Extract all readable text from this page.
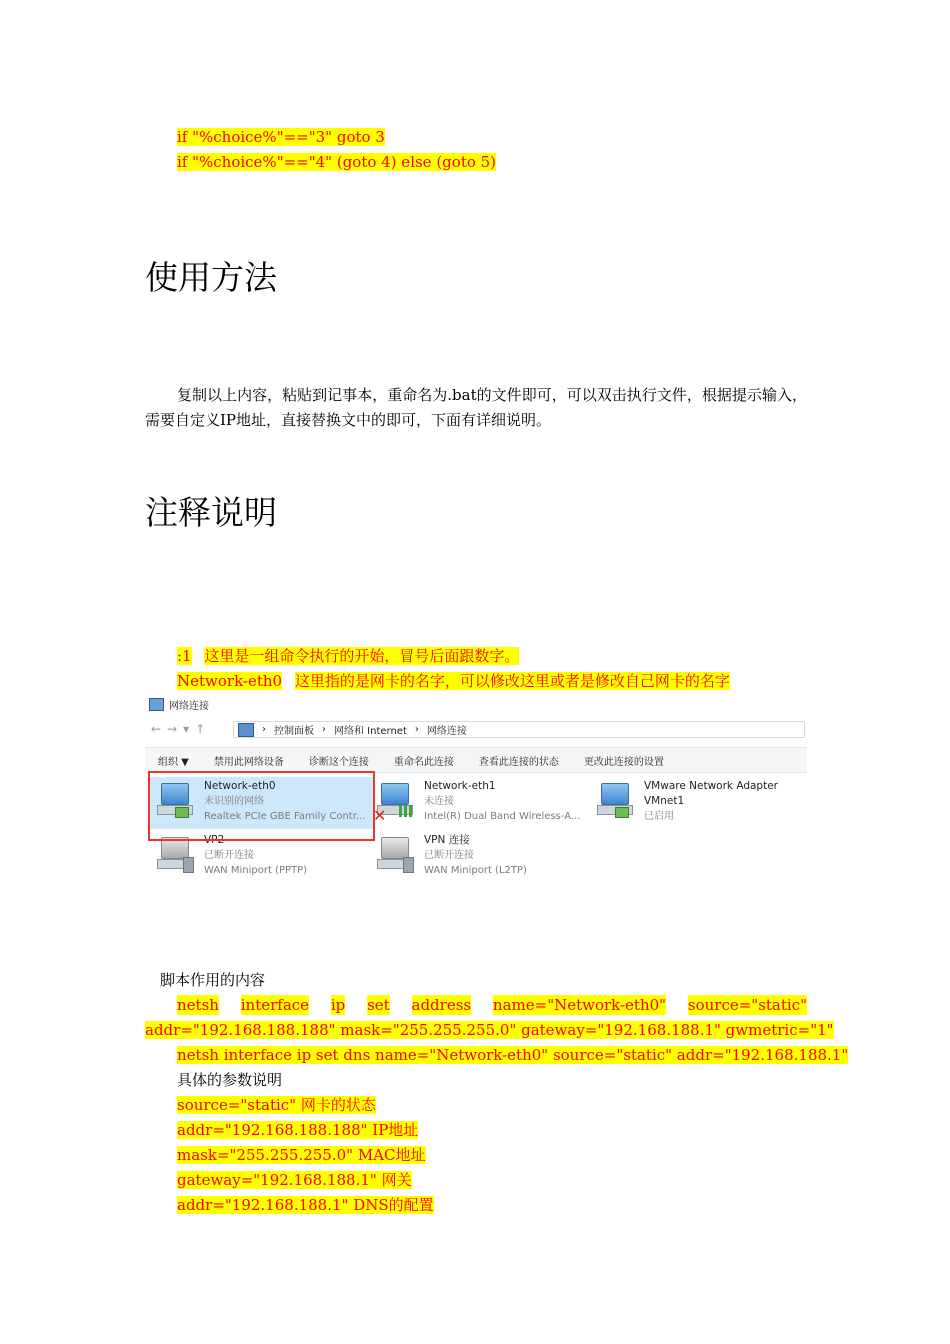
if "%choice%"=="3" goto 3
if "%choice%"=="4" (goto 4) else (goto 5)
使用方法
复制以上内容，粘贴到记事本，重命名为.bat的文件即可，可以双击执行文件，根据提示输入，需要自定义IP地址，直接替换文中的即可，下面有详细说明。
注释说明
:1 这里是一组命令执行的开始，冒号后面跟数字。
Network-eth0 这里指的是网卡的名字，可以修改这里或者是修改自己网卡的名字
网络连接
←→▾↑	› 控制面板 › 网络和 Internet › 网络连接
组织 ▼	禁用此网络设备	诊断这个连接	重命名此连接	查看此连接的状态	更改此连接的设置
Network-eth0
未识别的网络
Realtek PCIe GBE Family Contr... ✕
Network-eth1
未连接
Intel(R) Dual Band Wireless-A...
VMware Network Adapter
VMnet1
已启用
VP2
已断开连接
WAN Miniport (PPTP)
VPN 连接
已断开连接
WAN Miniport (L2TP)
脚本作用的内容
netsh interface ip set address name="Network-eth0" source="static"
addr="192.168.188.188" mask="255.255.255.0" gateway="192.168.188.1" gwmetric="1"
netsh interface ip set dns name="Network-eth0" source="static" addr="192.168.188.1"
具体的参数说明
source="static" 网卡的状态
addr="192.168.188.188" IP地址
mask="255.255.255.0" MAC地址
gateway="192.168.188.1" 网关
addr="192.168.188.1" DNS的配置
